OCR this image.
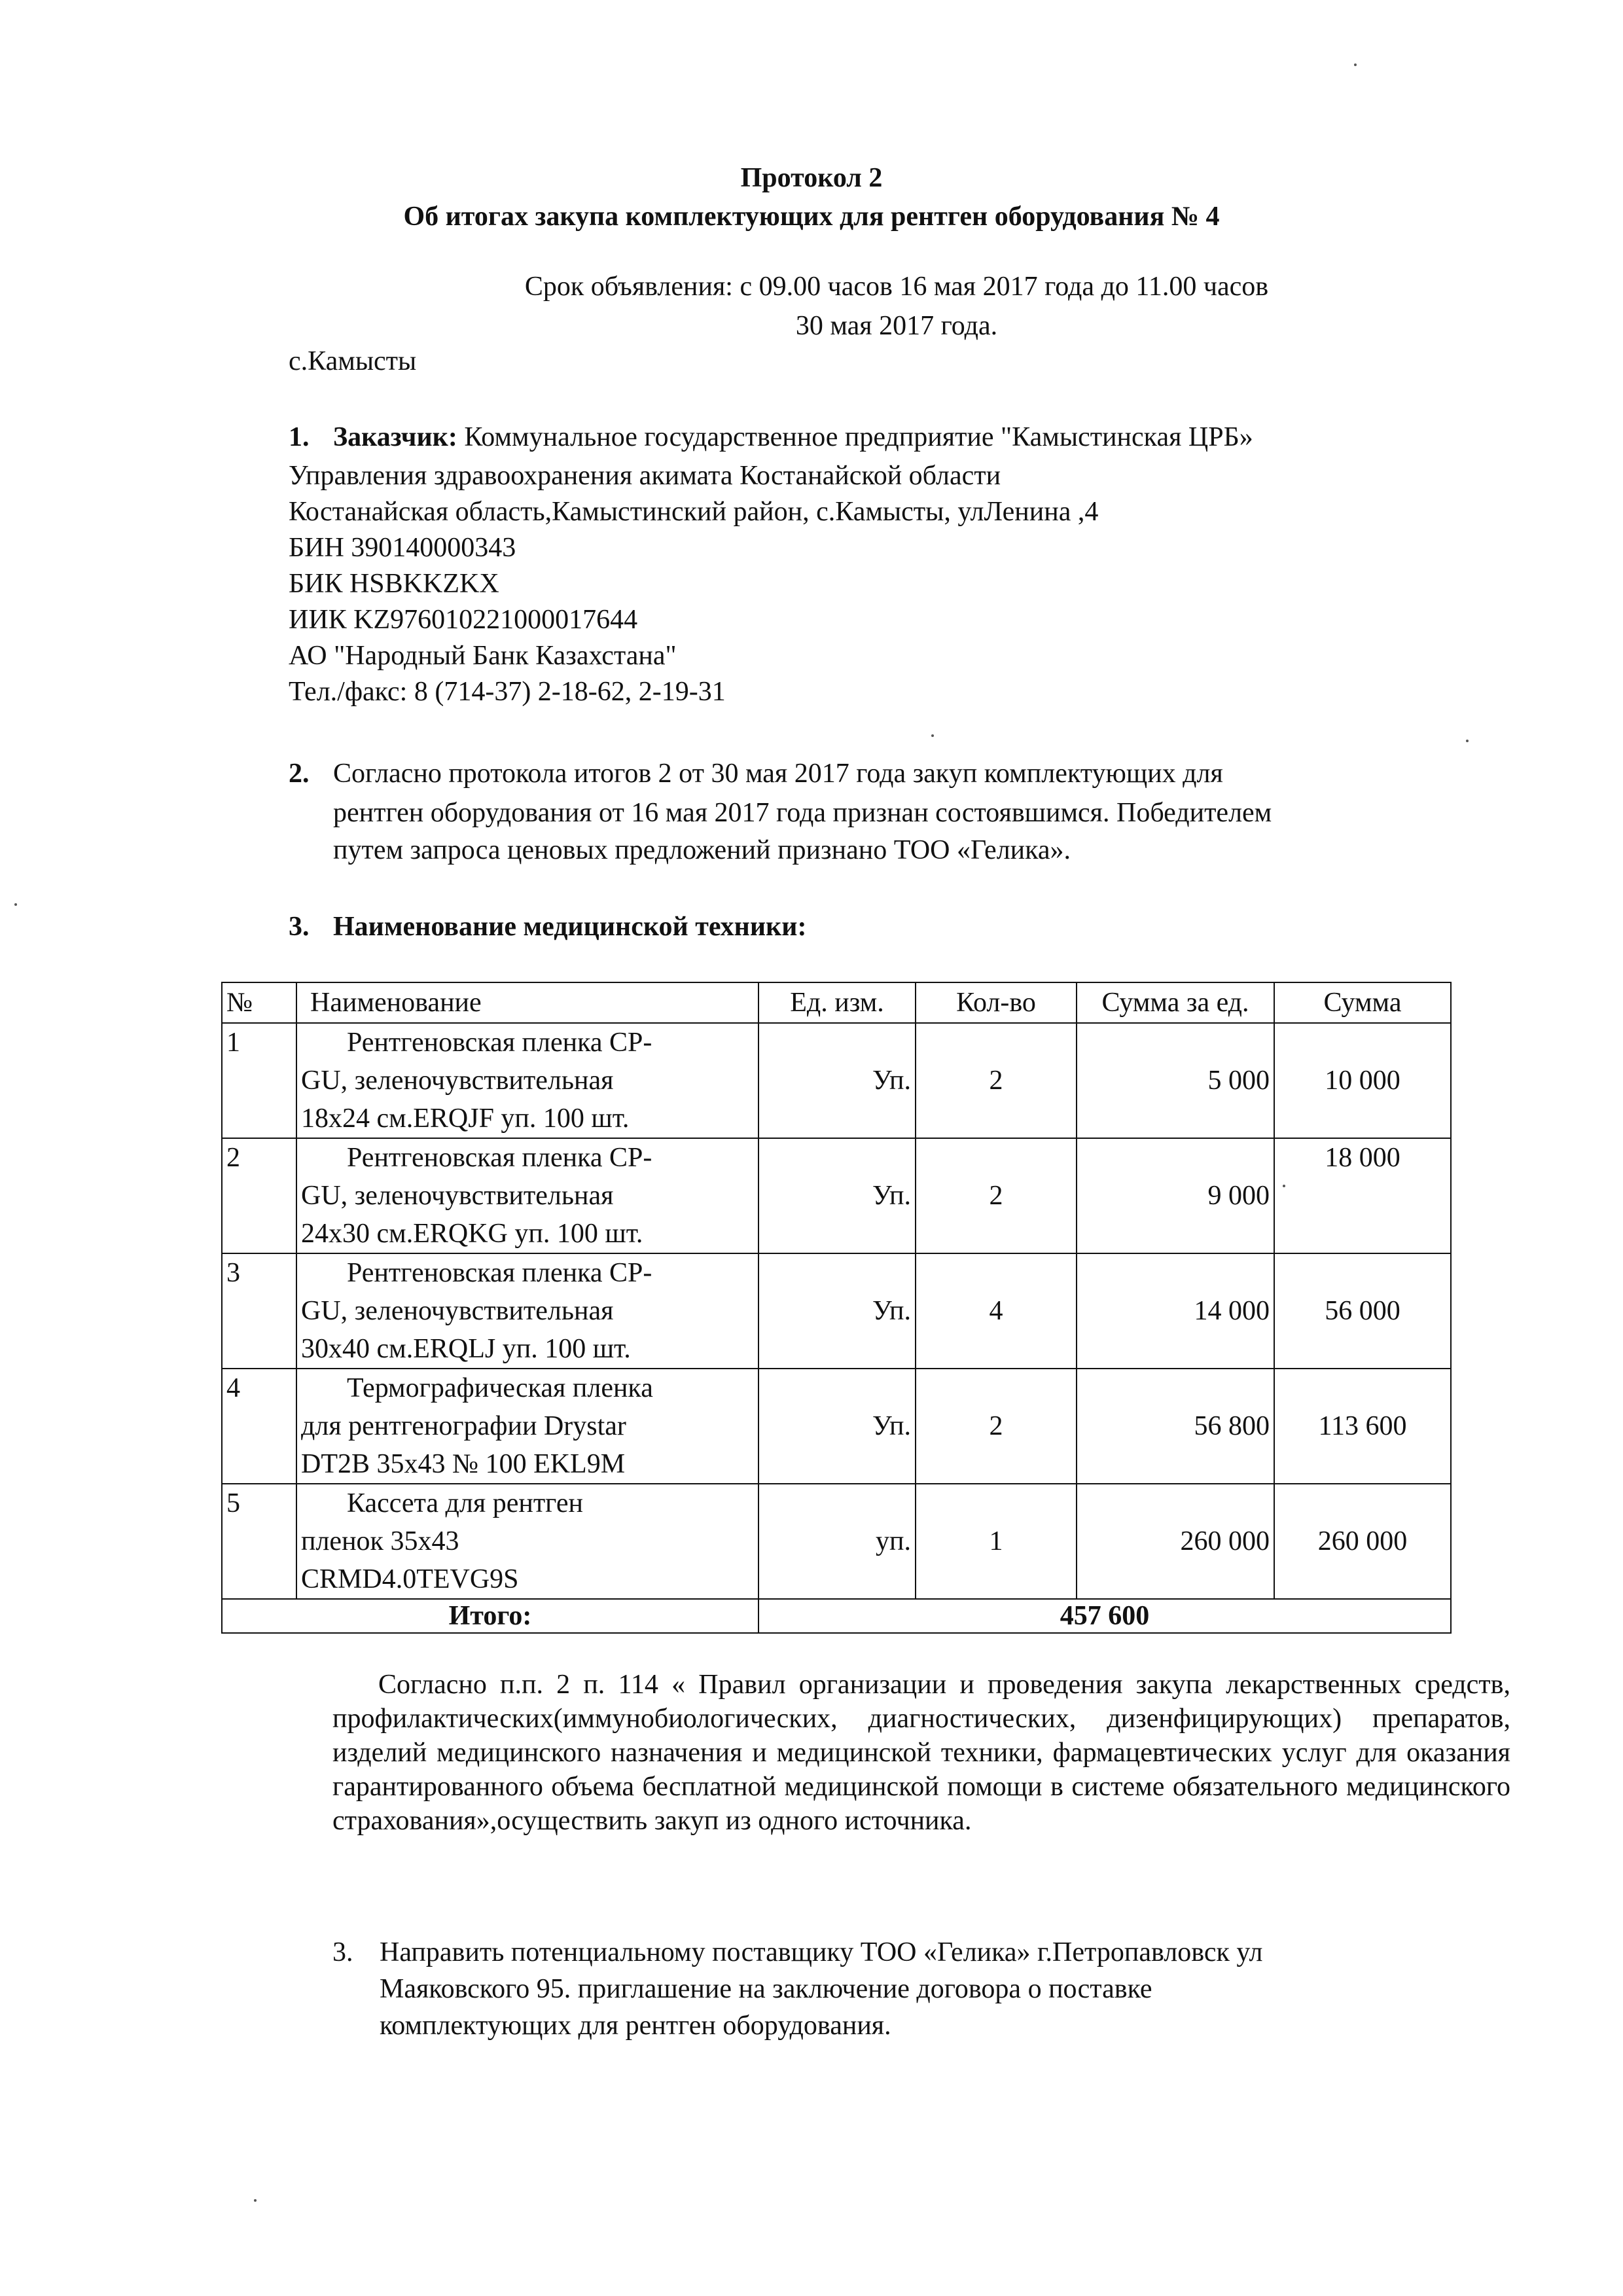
Протокол 2
Об итогах закупа комплектующих для рентген оборудования № 4
Срок объявления: с 09.00 часов 16 мая 2017 года до 11.00 часов
30 мая 2017 года.
с.Камысты
1. Заказчик: Коммунальное государственное предприятие "Камыстинская ЦРБ»
Управления здравоохранения акимата Костанайской области
Костанайская область,Камыстинский район, с.Камысты, улЛенина ,4
БИН 390140000343
БИК HSBKKZKX
ИИК KZ976010221000017644
АО "Народный Банк Казахстана"
Тел./факс: 8 (714-37) 2-18-62, 2-19-31
2. Согласно протокола итогов 2 от 30 мая 2017 года закуп комплектующих для
рентген оборудования от 16 мая 2017 года признан состоявшимся. Победителем
путем запроса ценовых предложений признано ТОО «Гелика».
3. Наименование медицинской техники:
№	Наименование	Ед. изм.	Кол-во	Сумма за ед.	Сумма
1	Рентгеновская пленка CP-
GU, зеленочувствительная
18х24 см.ERQJF уп. 100 шт.	Уп.	2	5 000	10 000
2	Рентгеновская пленка CP-
GU, зеленочувствительная
24х30 см.ERQKG уп. 100 шт.	Уп.	2	9 000	18 000
3	Рентгеновская пленка CP-
GU, зеленочувствительная
30х40 см.ERQLJ уп. 100 шт.	Уп.	4	14 000	56 000
4	Термографическая пленка
для рентгенографии Drystar
DT2B 35х43 № 100 EKL9M	Уп.	2	56 800	113 600
5	Кассета для рентген
пленок 35х43
CRMD4.0TEVG9S	уп.	1	260 000	260 000
Итого:		457 600			
Согласно п.п. 2 п. 114 « Правил организации и проведения закупа лекарственных средств, профилактических(иммунобиологических, диагностических, дизенфицирующих) препаратов, изделий медицинского назначения и медицинской техники, фармацевтических услуг для оказания гарантированного объема бесплатной медицинской помощи в системе обязательного медицинского страхования»,осуществить закуп из одного источника.
3. Направить потенциальному поставщику ТОО «Гелика» г.Петропавловск ул
Маяковского 95. приглашение на заключение договора о поставке
комплектующих для рентген оборудования.
